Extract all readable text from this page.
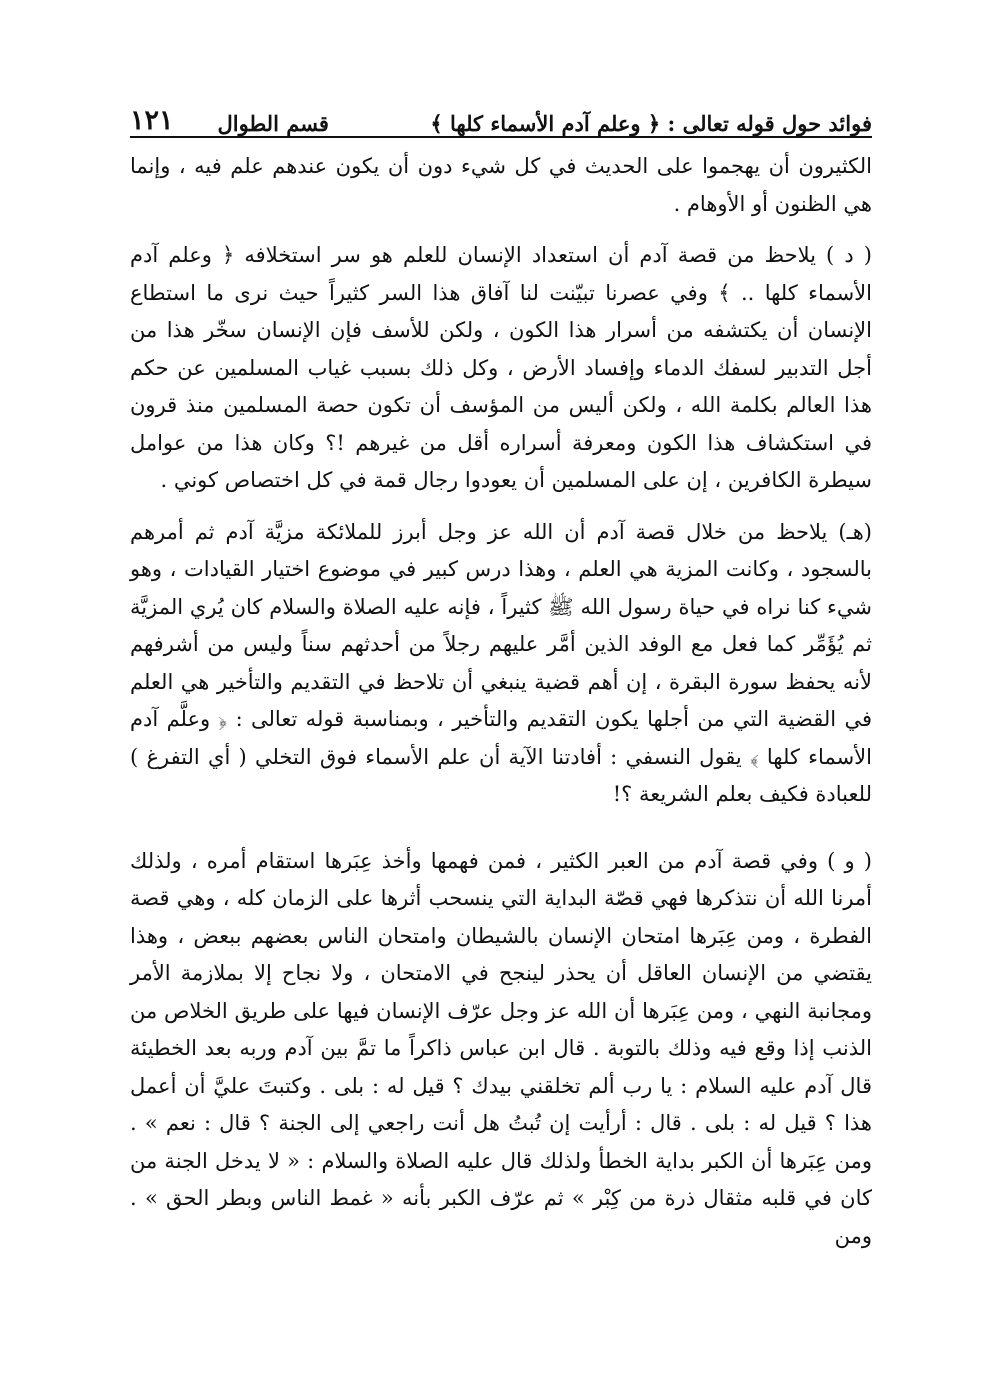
فوائد حول قوله تعالى : ﴿ وعلم آدم الأسماء كلها ﴾
قسم الطوال
١٢١

الكثيرون أن يهجموا على الحديث في كل شيء دون أن يكون عندهم علم فيه ، وإنما هي الظنون أو الأوهام .

( د ) يلاحظ من قصة آدم أن استعداد الإنسان للعلم هو سر استخلافه ﴿ وعلم آدم الأسماء كلها .. ﴾ وفي عصرنا تبيّنت لنا آفاق هذا السر كثيراً حيث نرى ما استطاع الإنسان أن يكتشفه من أسرار هذا الكون ، ولكن للأسف فإن الإنسان سخّر هذا من أجل التدبير لسفك الدماء وإفساد الأرض ، وكل ذلك بسبب غياب المسلمين عن حكم هذا العالم بكلمة الله ، ولكن أليس من المؤسف أن تكون حصة المسلمين منذ قرون في استكشاف هذا الكون ومعرفة أسراره أقل من غيرهم !؟ وكان هذا من عوامل سيطرة الكافرين ، إن على المسلمين أن يعودوا رجال قمة في كل اختصاص كوني .

(هـ) يلاحظ من خلال قصة آدم أن الله عز وجل أبرز للملائكة مزيَّة آدم ثم أمرهم بالسجود ، وكانت المزية هي العلم ، وهذا درس كبير في موضوع اختيار القيادات ، وهو شيء كنا نراه في حياة رسول الله ﷺ كثيراً ، فإنه عليه الصلاة والسلام كان يُري المزيَّة ثم يُؤَمِّر كما فعل مع الوفد الذين أمَّر عليهم رجلاً من أحدثهم سناً وليس من أشرفهم لأنه يحفظ سورة البقرة ، إن أهم قضية ينبغي أن تلاحظ في التقديم والتأخير هي العلم في القضية التي من أجلها يكون التقديم والتأخير ، وبمناسبة قوله تعالى : ﴿ وعلَّم آدم الأسماء كلها ﴾ يقول النسفي : أفادتنا الآية أن علم الأسماء فوق التخلي ( أي التفرغ ) للعبادة فكيف بعلم الشريعة ؟!

( و ) وفي قصة آدم من العبر الكثير ، فمن فهمها وأخذ عِبَرها استقام أمره ، ولذلك أمرنا الله أن نتذكرها فهي قصّة البداية التي ينسحب أثرها على الزمان كله ، وهي قصة الفطرة ، ومن عِبَرها امتحان الإنسان بالشيطان وامتحان الناس بعضهم ببعض ، وهذا يقتضي من الإنسان العاقل أن يحذر لينجح في الامتحان ، ولا نجاح إلا بملازمة الأمر ومجانبة النهي ، ومن عِبَرها أن الله عز وجل عرّف الإنسان فيها على طريق الخلاص من الذنب إذا وقع فيه وذلك بالتوبة . قال ابن عباس ذاكراً ما تمَّ بين آدم وربه بعد الخطيئة قال آدم عليه السلام : يا رب ألم تخلقني بيدك ؟ قيل له : بلى . وكتبتَ عليَّ أن أعمل هذا ؟ قيل له : بلى . قال : أرأيت إن تُبتُ هل أنت راجعي إلى الجنة ؟ قال : نعم » . ومن عِبَرها أن الكبر بداية الخطأ ولذلك قال عليه الصلاة والسلام : « لا يدخل الجنة من كان في قلبه مثقال ذرة من كِبْر » ثم عرّف الكبر بأنه « غمط الناس وبطر الحق » . ومن
